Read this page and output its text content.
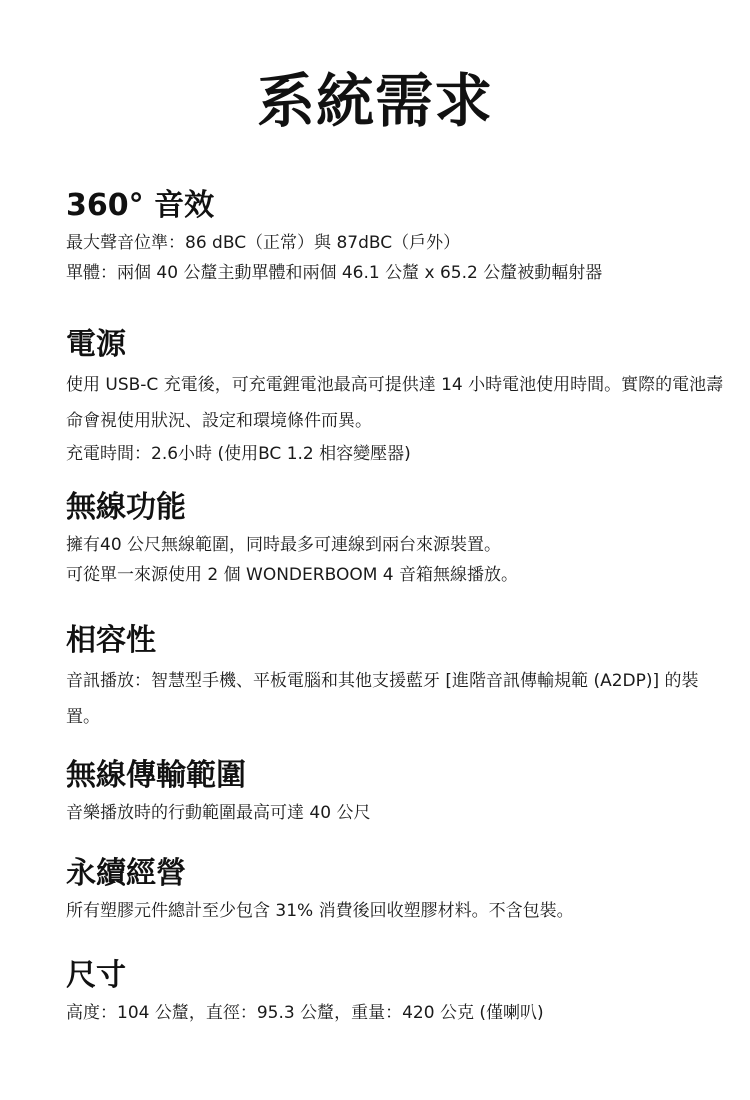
系統需求
360° 音效

最大聲音位準：86 dBC（正常）與 87dBC（戶外）

單體：兩個 40 公釐主動單體和兩個 46.1 公釐 x 65.2 公釐被動輻射器

電源

使用 USB-C 充電後，可充電鋰電池最高可提供達 14 小時電池使用時間。實際的電池壽命會視使用狀況、設定和環境條件而異。

充電時間：2.6小時 (使用BC 1.2 相容變壓器)

無線功能

擁有40 公尺無線範圍，同時最多可連線到兩台來源裝置。

可從單一來源使用 2 個 WONDERBOOM 4 音箱無線播放。

相容性

音訊播放：智慧型手機、平板電腦和其他支援藍牙 [進階音訊傳輸規範 (A2DP)] 的裝置。

無線傳輸範圍

音樂播放時的行動範圍最高可達 40 公尺

永續經營

所有塑膠元件總計至少包含 31% 消費後回收塑膠材料。不含包裝。

尺寸

高度：104 公釐，直徑：95.3 公釐，重量：420 公克 (僅喇叭)
